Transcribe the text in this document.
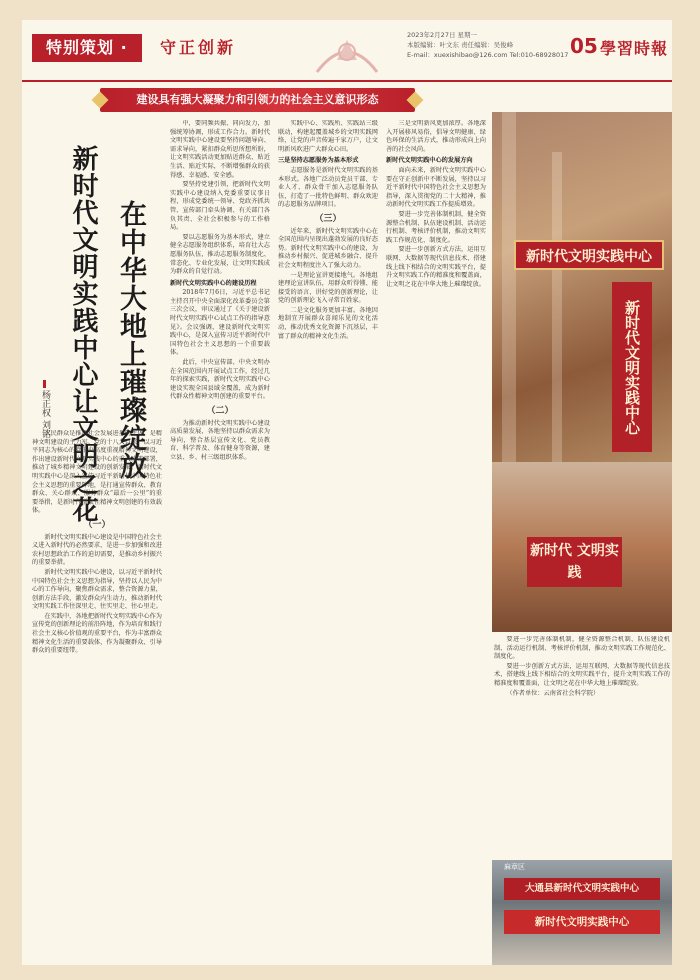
特别策划 ·	守正创新
2023年2月27日 星期一
本版编辑：叶文东 责任编辑：吴俊峰
E-mail：xuexishibao@126.com Tel:010-68928017 05 學習時報
建设具有强大凝聚力和引领力的社会主义意识形态
在中华大地上璀璨绽放
新时代文明实践中心让文明之花
杨正权 刘铭

人民群众是推动社会发展进步的主体，是精神文明建设的主力军。党的十八大以来，以习近平同志为核心的党中央高度重视精神文明建设，作出建设新时代文明实践中心的重大决策部署，推动了城乡精神文明建设的创新发展。新时代文明实践中心是深入宣传习近平新时代中国特色社会主义思想的重要阵地，是打通宣传群众、教育群众、关心群众、服务群众“最后一公里”的重要举措，是新时代群众性精神文明创建的有效载体。

（一）

新时代文明实践中心建设是中国特色社会主义进入新时代的必然要求，是进一步加强和改进农村思想政治工作的迫切需要，是推动乡村振兴的重要举措。

新时代文明实践中心建设，以习近平新时代中国特色社会主义思想为指导，坚持以人民为中心的工作导向，聚焦群众需求，整合资源力量，创新方法手段，激发群众内生动力，推动新时代文明实践工作往深里走、往实里走、往心里走。

在实践中，各地把新时代文明实践中心作为宣传党的创新理论的前沿阵地，作为培育和践行社会主义核心价值观的重要平台，作为丰富群众精神文化生活的重要载体，作为凝聚群众、引导群众的重要纽带。

中，要同频共振、同向发力，加强统筹协调，形成工作合力。新时代文明实践中心建设要坚持问题导向、需求导向，紧扣群众所思所想所盼，让文明实践活动更加贴近群众、贴近生活、贴近实际，不断增强群众的获得感、幸福感、安全感。

要坚持党建引领，把新时代文明实践中心建设纳入党委重要议事日程，形成党委统一领导、党政齐抓共管、宣传部门牵头协调、有关部门各负其责、全社会积极参与的工作格局。

要以志愿服务为基本形式，建立健全志愿服务组织体系，培育壮大志愿服务队伍，推动志愿服务制度化、常态化、专业化发展，让文明实践成为群众的自觉行动。

新时代文明实践中心的建设历程

2018年7月6日，习近平总书记主持召开中央全面深化改革委员会第三次会议，审议通过了《关于建设新时代文明实践中心试点工作的指导意见》。会议强调，建设新时代文明实践中心，是深入宣传习近平新时代中国特色社会主义思想的一个重要载体。

此后，中央宣传部、中央文明办在全国范围内开展试点工作，经过几年的探索实践，新时代文明实践中心建设实现全国县域全覆盖，成为新时代群众性精神文明创建的重要平台。

（二）

为推动新时代文明实践中心建设高质量发展，各地坚持以群众需求为导向，整合基层宣传文化、党员教育、科学普及、体育健身等资源，建立县、乡、村三级组织体系。

实践中心、实践所、实践站三级联动，构建起覆盖城乡的文明实践网络，让党的声音传遍千家万户，让文明新风吹进广大群众心田。

三是坚持志愿服务为基本形式

志愿服务是新时代文明实践的基本形式。各地广泛动员党员干部、专业人才、群众骨干加入志愿服务队伍，打造了一批特色鲜明、群众欢迎的志愿服务品牌项目。

（三）

近年来，新时代文明实践中心在全国范围内呈现出蓬勃发展的良好态势。新时代文明实践中心的建设，为推动乡村振兴、促进城乡融合、提升社会文明程度注入了强大动力。

一是理论宣讲更接地气。各地组建理论宣讲队伍，用群众听得懂、能接受的语言，讲好党的创新理论，让党的创新理论飞入寻常百姓家。

二是文化服务更加丰富。各地因地制宜开展群众喜闻乐见的文化活动，推动优秀文化资源下沉基层，丰富了群众的精神文化生活。

三是文明新风更加浓厚。各地深入开展移风易俗，倡导文明健康、绿色环保的生活方式，推动形成向上向善的社会风尚。

新时代文明实践中心的发展方向

面向未来，新时代文明实践中心要在守正创新中不断发展，坚持以习近平新时代中国特色社会主义思想为指导，深入贯彻党的二十大精神，推动新时代文明实践工作提质增效。

要进一步完善体制机制，健全资源整合机制、队伍建设机制、活动运行机制、考核评价机制，推动文明实践工作规范化、制度化。

要进一步创新方式方法，运用互联网、大数据等现代信息技术，搭建线上线下相结合的文明实践平台，提升文明实践工作的精准度和覆盖面，让文明之花在中华大地上璀璨绽放。

新时代文明实践中心
新时代文明实践中心
新时代 文明实践

要进一步完善体制机制，健全资源整合机制、队伍建设机制、活动运行机制、考核评价机制，推动文明实践工作规范化、制度化。

要进一步创新方式方法，运用互联网、大数据等现代信息技术，搭建线上线下相结合的文明实践平台，提升文明实践工作的精准度和覆盖面，让文明之花在中华大地上璀璨绽放。

（作者单位：云南省社会科学院）

大通县新时代文明实践中心
新时代文明实践中心
麻章区
